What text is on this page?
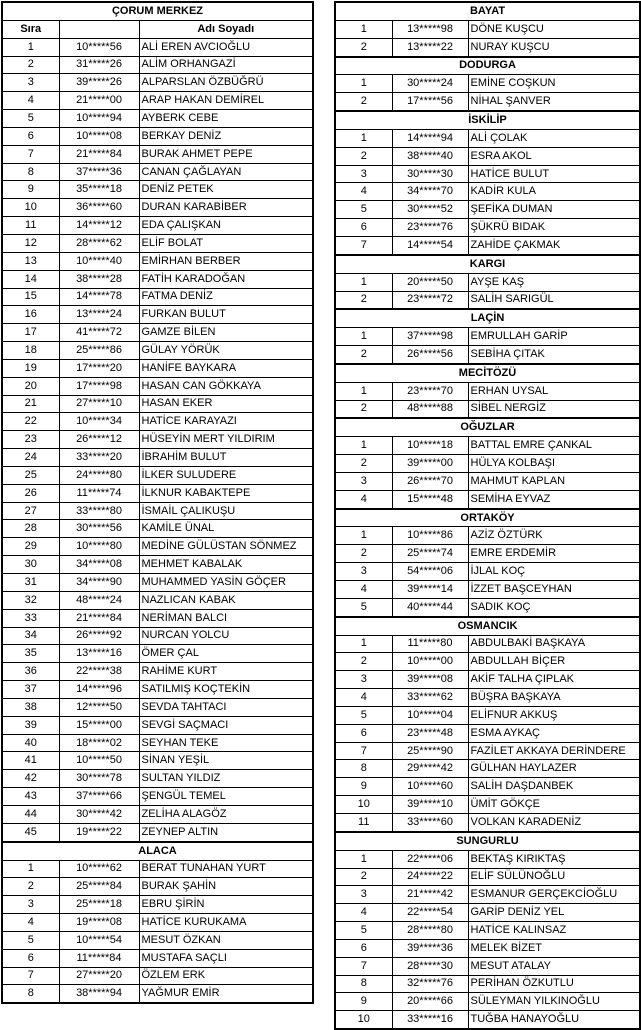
ÇORUM MERKEZ		
Sıra		Adı Soyadı
1	10*****56	ALİ EREN AVCIOĞLU
2	31*****26	ALİM ORHANGAZİ
3	39*****26	ALPARSLAN ÖZBÜĞRÜ
4	21*****00	ARAP HAKAN DEMİREL
5	10*****94	AYBERK CEBE
6	10*****08	BERKAY DENİZ
7	21*****84	BURAK AHMET PEPE
8	37*****36	CANAN ÇAĞLAYAN
9	35*****18	DENİZ PETEK
10	36*****60	DURAN KARABİBER
11	14*****12	EDA ÇALIŞKAN
12	28*****62	ELİF BOLAT
13	10*****40	EMİRHAN BERBER
14	38*****28	FATİH KARADOĞAN
15	14*****78	FATMA DENİZ
16	13*****24	FURKAN BULUT
17	41*****72	GAMZE BİLEN
18	25*****86	GÜLAY YÖRÜK
19	17*****20	HANİFE BAYKARA
20	17*****98	HASAN CAN GÖKKAYA
21	27*****10	HASAN EKER
22	10*****34	HATİCE KARAYAZI
23	26*****12	HÜSEYİN MERT YILDIRIM
24	33*****20	İBRAHİM BULUT
25	24*****80	İLKER SULUDERE
26	11*****74	İLKNUR KABAKTEPE
27	33*****80	İSMAİL ÇALIKUŞU
28	30*****56	KAMİLE ÜNAL
29	10*****80	MEDİNE GÜLÜSTAN SÖNMEZ
30	34*****08	MEHMET KABALAK
31	34*****90	MUHAMMED YASİN GÖÇER
32	48*****24	NAZLICAN KABAK
33	21*****84	NERİMAN BALCI
34	26*****92	NURCAN YOLCU
35	13*****16	ÖMER ÇAL
36	22*****38	RAHİME KURT
37	14*****96	SATILMIŞ KOÇTEKİN
38	12*****50	SEVDA TAHTACI
39	15*****00	SEVGİ SAÇMACI
40	18*****02	SEYHAN TEKE
41	10*****50	SİNAN YEŞİL
42	30*****78	SULTAN YILDIZ
43	37*****66	ŞENGÜL TEMEL
44	30*****42	ZELİHA ALAGÖZ
45	19*****22	ZEYNEP ALTIN
ALACA		
1	10*****62	BERAT TUNAHAN YURT
2	25*****84	BURAK ŞAHİN
3	25*****18	EBRU ŞİRİN
4	19*****08	HATİCE KURUKAMA
5	10*****54	MESUT ÖZKAN
6	11*****84	MUSTAFA SAÇLI
7	27*****20	ÖZLEM ERK
8	38*****94	YAĞMUR EMİR
BAYAT		
1	13*****98	DÖNE KUŞCU
2	13*****22	NURAY KUŞCU
DODURGA		
1	30*****24	EMİNE COŞKUN
2	17*****56	NİHAL ŞANVER
İSKİLİP		
1	14*****94	ALİ ÇOLAK
2	38*****40	ESRA AKOL
3	30*****30	HATİCE BULUT
4	34*****70	KADİR KULA
5	30*****52	ŞEFİKA DUMAN
6	23*****76	ŞÜKRÜ BIDAK
7	14*****54	ZAHİDE ÇAKMAK
KARGI		
1	20*****50	AYŞE KAŞ
2	23*****72	SALİH SARIGÜL
LAÇİN		
1	37*****98	EMRULLAH GARİP
2	26*****56	SEBİHA ÇITAK
MECİTÖZÜ		
1	23*****70	ERHAN UYSAL
2	48*****88	SİBEL NERGİZ
OĞUZLAR		
1	10*****18	BATTAL EMRE ÇANKAL
2	39*****00	HÜLYA KOLBAŞI
3	26*****70	MAHMUT KAPLAN
4	15*****48	SEMİHA EYVAZ
ORTAKÖY		
1	10*****86	AZİZ ÖZTÜRK
2	25*****74	EMRE ERDEMİR
3	54*****06	İJLAL KOÇ
4	39*****14	İZZET BAŞCEYHAN
5	40*****44	SADIK KOÇ
OSMANCIK		
1	11*****80	ABDULBAKİ BAŞKAYA
2	10*****00	ABDULLAH BİÇER
3	39*****08	AKİF TALHA ÇIPLAK
4	33*****62	BÜŞRA BAŞKAYA
5	10*****04	ELİFNUR AKKUŞ
6	23*****48	ESMA AYKAÇ
7	25*****90	FAZİLET AKKAYA DERİNDERE
8	29*****42	GÜLHAN HAYLAZER
9	10*****60	SALİH DAŞDANBEK
10	39*****10	ÜMİT GÖKÇE
11	33*****60	VOLKAN KARADENİZ
SUNGURLU		
1	22*****06	BEKTAŞ KIRIKTAŞ
2	24*****22	ELİF SÜLÜNOĞLU
3	21*****42	ESMANUR GERÇEKCİOĞLU
4	22*****54	GARİP DENİZ YEL
5	28*****80	HATİCE KALINSAZ
6	39*****36	MELEK BİZET
7	28*****30	MESUT ATALAY
8	32*****76	PERİHAN ÖZKUTLU
9	20*****66	SÜLEYMAN YILKINOĞLU
10	33*****16	TUĞBA HANAYOĞLU
